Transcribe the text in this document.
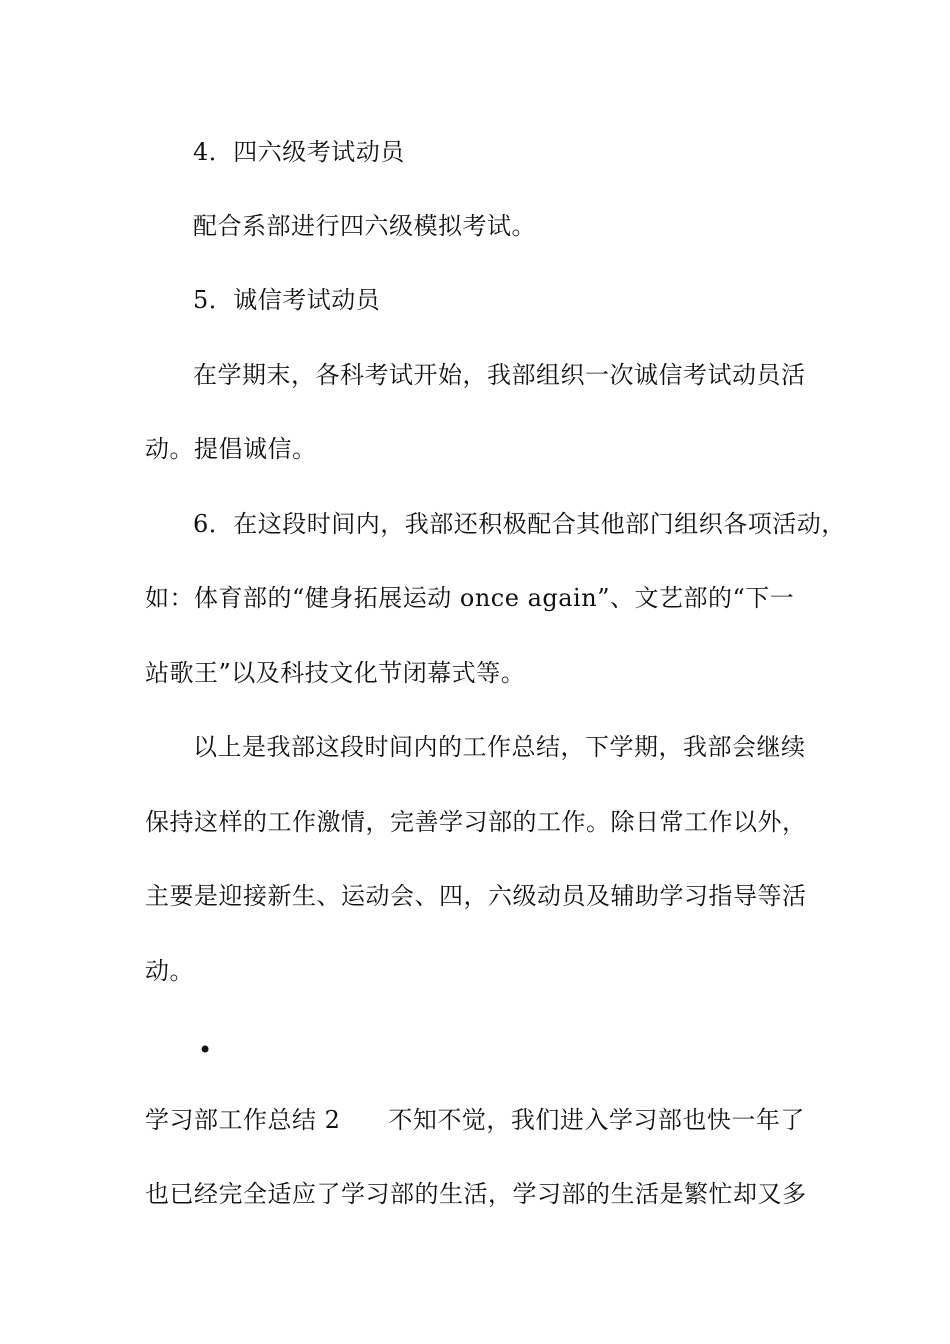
4．四六级考试动员
配合系部进行四六级模拟考试。
5．诚信考试动员
在学期末，各科考试开始，我部组织一次诚信考试动员活
动。提倡诚信。
6．在这段时间内，我部还积极配合其他部门组织各项活动，
如：体育部的“健身拓展运动 once again”、文艺部的“下一
站歌王”以及科技文化节闭幕式等。
以上是我部这段时间内的工作总结，下学期，我部会继续
保持这样的工作激情，完善学习部的工作。除日常工作以外，
主要是迎接新生、运动会、四，六级动员及辅助学习指导等活
动。
•
学习部工作总结 2 不知不觉，我们进入学习部也快一年了
也已经完全适应了学习部的生活，学习部的生活是繁忙却又多
